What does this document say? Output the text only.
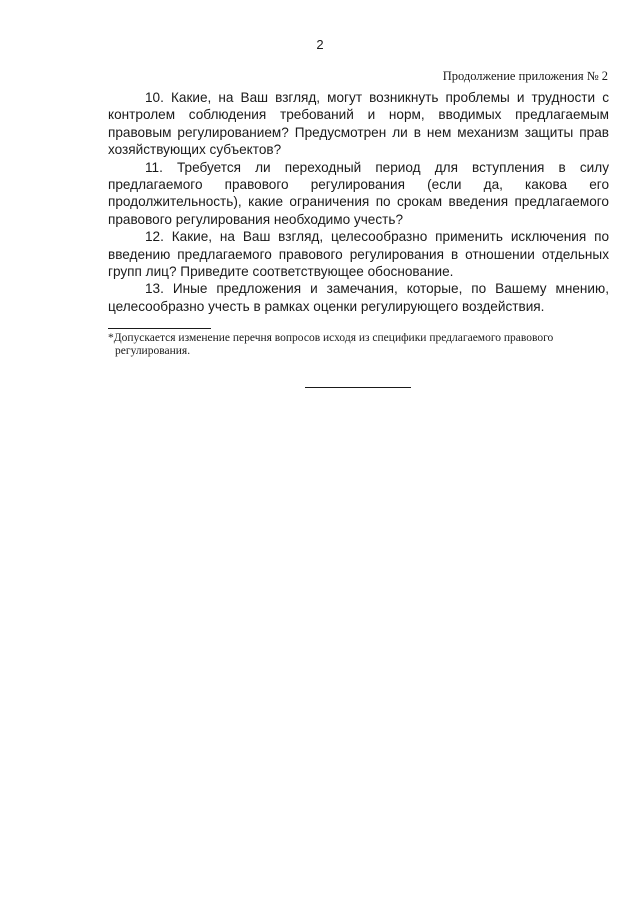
2
Продолжение приложения № 2

10. Какие, на Ваш взгляд, могут возникнуть проблемы и трудности с контролем соблюдения требований и норм, вводимых предлагаемым правовым регулированием? Предусмотрен ли в нем механизм защиты прав хозяйствующих субъектов?

11. Требуется ли переходный период для вступления в силу предлагаемого правового регулирования (если да, какова его продолжительность), какие ограничения по срокам введения предлагаемого правового регулирования необходимо учесть?

12. Какие, на Ваш взгляд, целесообразно применить исключения по введению предлагаемого правового регулирования в отношении отдельных групп лиц? Приведите соответствующее обоснование.

13. Иные предложения и замечания, которые, по Вашему мнению, целесообразно учесть в рамках оценки регулирующего воздействия.

*Допускается изменение перечня вопросов исходя из специфики предлагаемого правового
регулирования.
